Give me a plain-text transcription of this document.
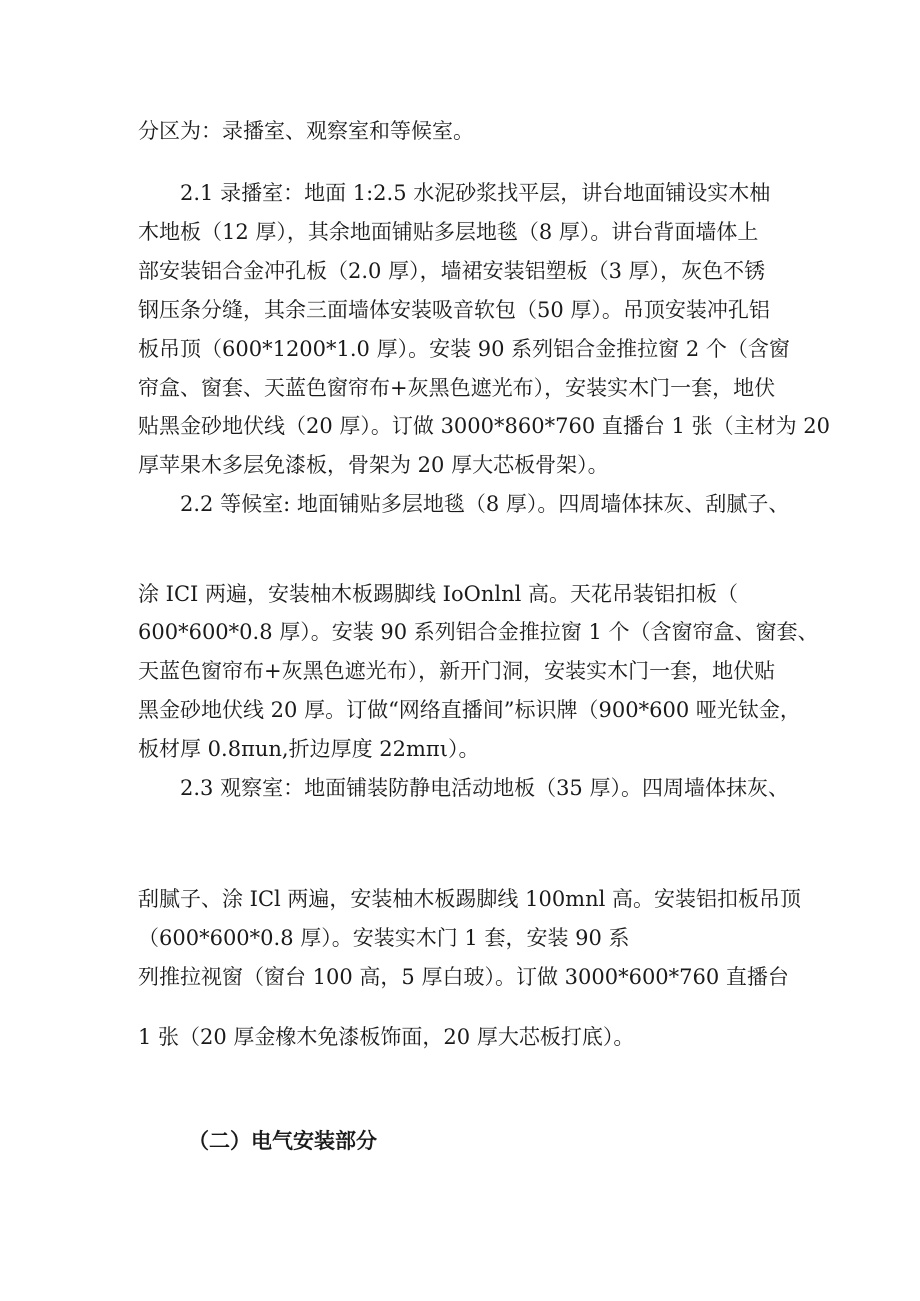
分区为：录播室、观察室和等候室。
　　2.1 录播室：地面 1:2.5 水泥砂浆找平层，讲台地面铺设实木柚
木地板（12 厚），其余地面铺贴多层地毯（8 厚）。讲台背面墙体上
部安装铝合金冲孔板（2.0 厚），墙裙安装铝塑板（3 厚），灰色不锈
钢压条分缝，其余三面墙体安装吸音软包（50 厚）。吊顶安装冲孔铝
板吊顶（600*1200*1.0 厚）。安装 90 系列铝合金推拉窗 2 个（含窗
帘盒、窗套、天蓝色窗帘布+灰黑色遮光布），安装实木门一套，地伏
贴黑金砂地伏线（20 厚）。订做 3000*860*760 直播台 1 张（主材为 20
厚苹果木多层免漆板，骨架为 20 厚大芯板骨架）。
　　2.2 等候室: 地面铺贴多层地毯（8 厚）。四周墙体抹灰、刮腻子、
涂 ICI 两遍，安装柚木板踢脚线 IoOnlnl 高。天花吊装铝扣板（
600*600*0.8 厚）。安装 90 系列铝合金推拉窗 1 个（含窗帘盒、窗套、
天蓝色窗帘布+灰黑色遮光布），新开门洞，安装实木门一套，地伏贴
黑金砂地伏线 20 厚。订做“网络直播间”标识牌（900*600 哑光钛金，
板材厚 0.8πun,折边厚度 22mπι）。
　　2.3 观察室：地面铺装防静电活动地板（35 厚）。四周墙体抹灰、
刮腻子、涂 ICl 两遍，安装柚木板踢脚线 100mnl 高。安装铝扣板吊顶
（600*600*0.8 厚）。安装实木门 1 套，安装 90 系
列推拉视窗（窗台 100 高，5 厚白玻）。订做 3000*600*760 直播台
1 张（20 厚金橡木免漆板饰面，20 厚大芯板打底）。
（二）电气安装部分
